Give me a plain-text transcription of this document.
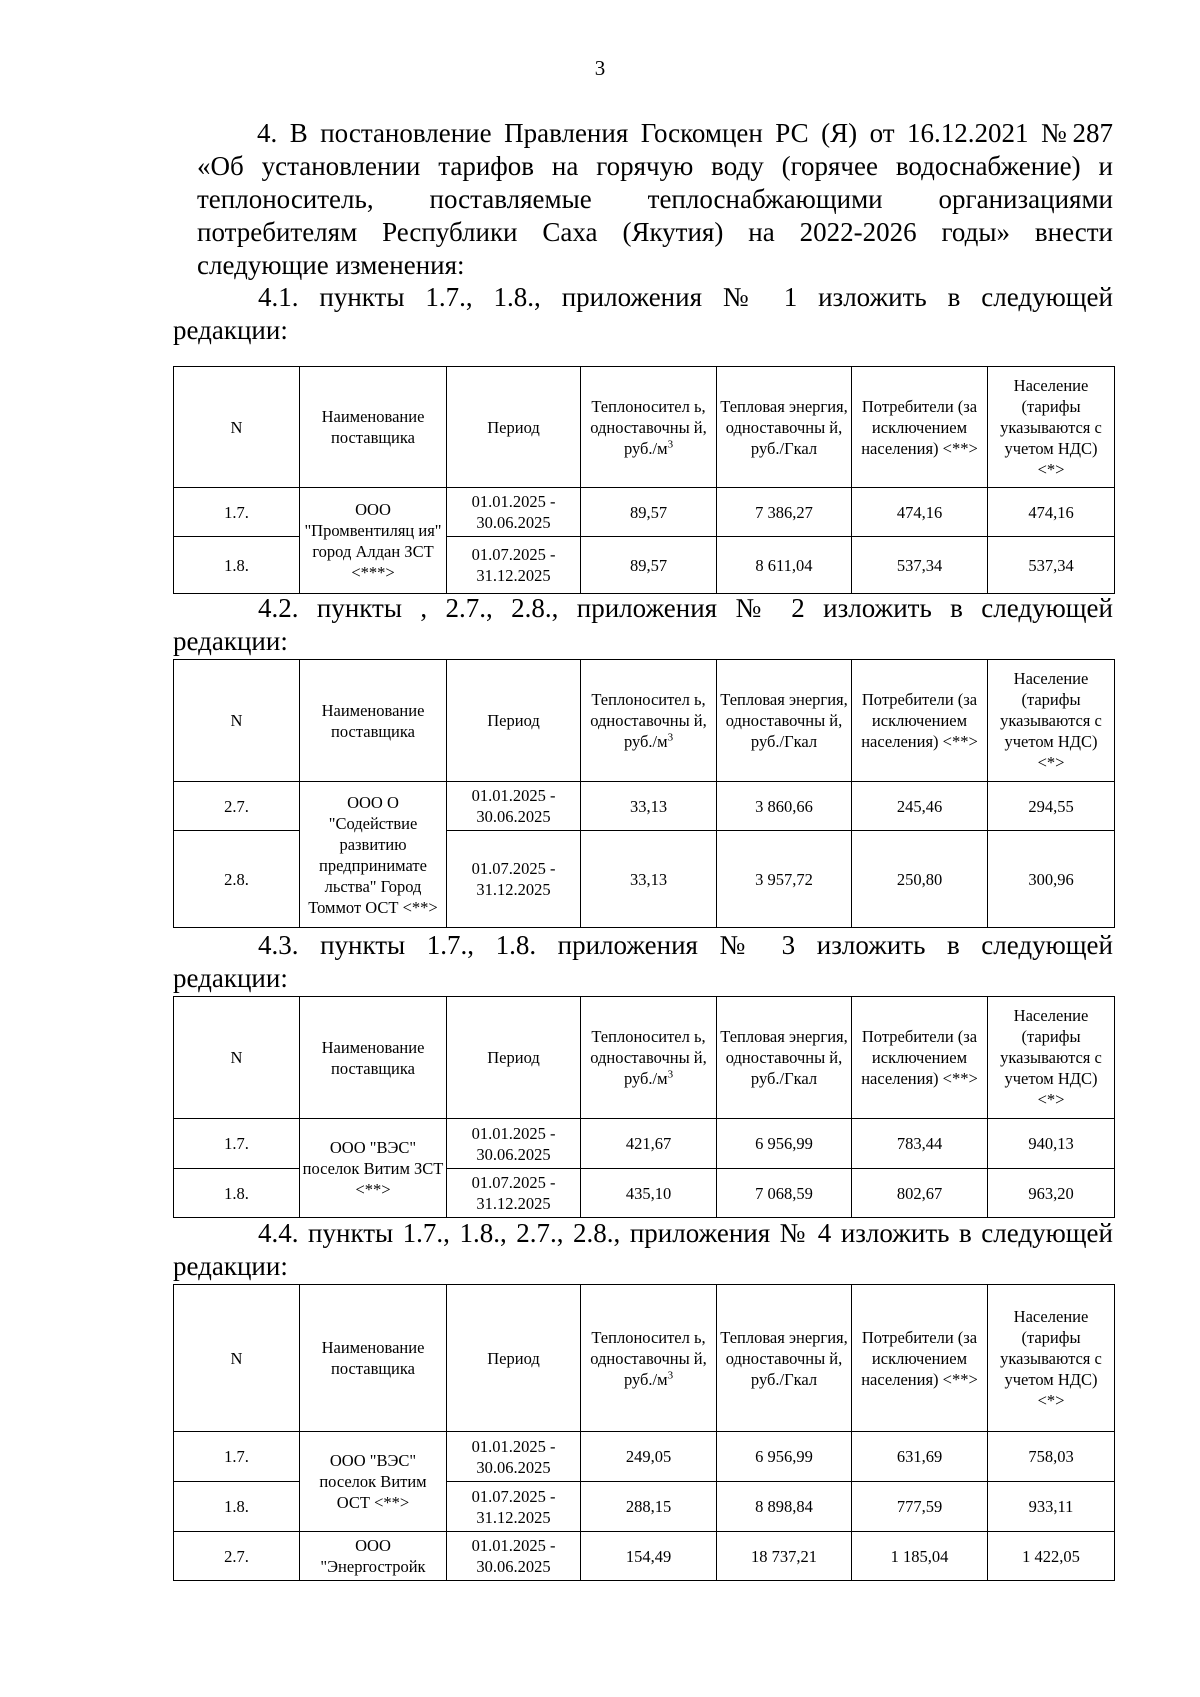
3
4. В постановление Правления Госкомцен РС (Я) от 16.12.2021 №287
«Об установлении тарифов на горячую воду (горячее водоснабжение) и
теплоноситель, поставляемые теплоснабжающими организациями
потребителям Республики Саха (Якутия) на 2022-2026 годы» внести
следующие изменения:
4.1. пункты 1.7., 1.8., приложения № 1 изложить в следующей
редакции:
N	Наименование поставщика	Период	Теплоносител ь, одноставочны й, $руб./м^3$	Тепловая энергия, одноставочны й, руб./Гкал	Потребители (за исключением населения) <**>	Население (тарифы указываются с учетом НДС) <*>
1.7.	ООО "Промвентиляц ия" город Алдан ЗСТ <***>	01.01.2025 - 30.06.2025	89,57	7 386,27	474,16	474,16
1.8.		01.07.2025 - 31.12.2025	89,57	8 611,04	537,34	537,34
4.2. пункты , 2.7., 2.8., приложения № 2 изложить в следующей
редакции:
N	Наименование поставщика	Период	Теплоносител ь, одноставочны й, $руб./м^3$	Тепловая энергия, одноставочны й, руб./Гкал	Потребители (за исключением населения) <**>	Население (тарифы указываются с учетом НДС) <*>
2.7.	ООО О "Содействие развитию предпринимате льства" Город Томмот ОСТ <**>	01.01.2025 - 30.06.2025	33,13	3 860,66	245,46	294,55
2.8.		01.07.2025 - 31.12.2025	33,13	3 957,72	250,80	300,96
4.3. пункты 1.7., 1.8. приложения № 3 изложить в следующей
редакции:
N	Наименование поставщика	Период	Теплоносител ь, одноставочны й, $руб./м^3$	Тепловая энергия, одноставочны й, руб./Гкал	Потребители (за исключением населения) <**>	Население (тарифы указываются с учетом НДС) <*>
1.7.	ООО "ВЭС" поселок Витим ЗСТ <**>	01.01.2025 - 30.06.2025	421,67	6 956,99	783,44	940,13
1.8.		01.07.2025 - 31.12.2025	435,10	7 068,59	802,67	963,20
4.4. пункты 1.7., 1.8., 2.7., 2.8., приложения № 4 изложить в следующей
редакции:
N	Наименование поставщика	Период	Теплоносител ь, одноставочны й, $руб./м^3$	Тепловая энергия, одноставочны й, руб./Гкал	Потребители (за исключением населения) <**>	Население (тарифы указываются с учетом НДС) <*>
1.7.	ООО "ВЭС" поселок Витим ОСТ <**>	01.01.2025 - 30.06.2025	249,05	6 956,99	631,69	758,03
1.8.		01.07.2025 - 31.12.2025	288,15	8 898,84	777,59	933,11
2.7.	ООО "Энергостройк	01.01.2025 - 30.06.2025	154,49	18 737,21	1 185,04	1 422,05
